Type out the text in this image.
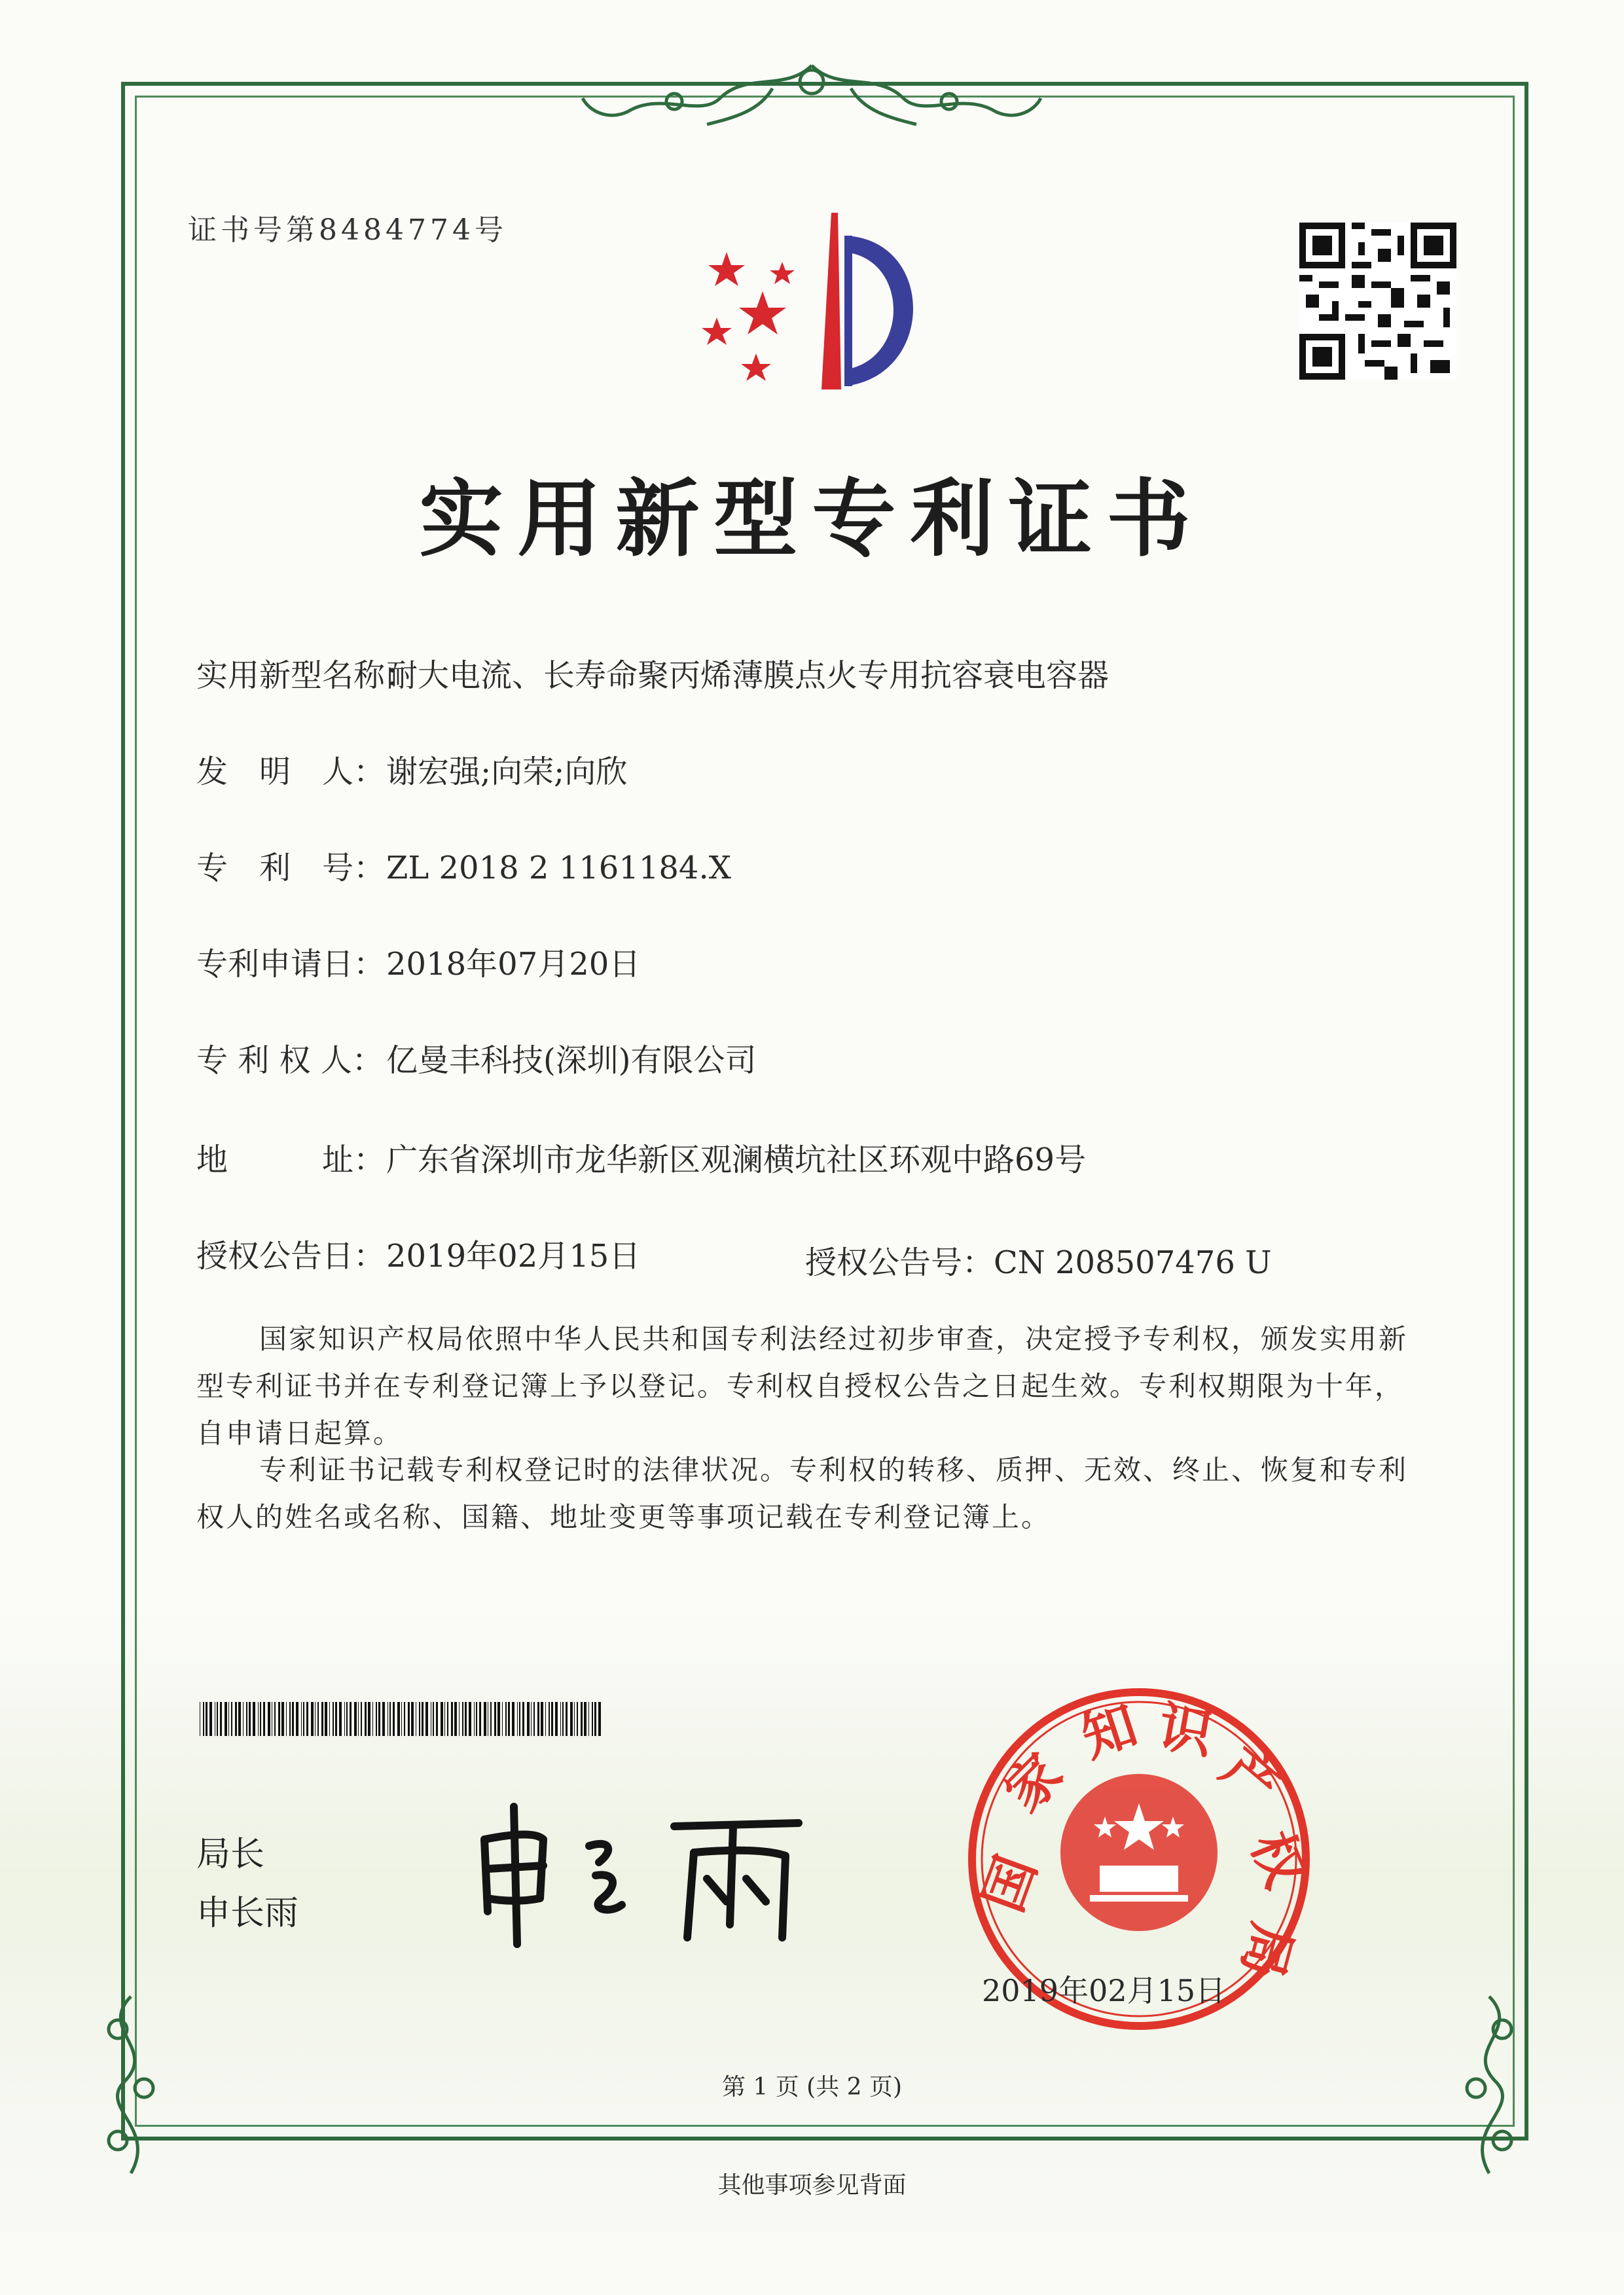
证书号第8484774号
实用新型专利证书
实用新型名称：耐大电流、长寿命聚丙烯薄膜点火专用抗容衰电容器
发　明　人：谢宏强;向荣;向欣
专　利　号：ZL 2018 2 1161184.X
专利申请日：2018年07月20日
专 利 权 人：亿曼丰科技(深圳)有限公司
地　　　址：广东省深圳市龙华新区观澜横坑社区环观中路69号
授权公告日：2019年02月15日	授权公告号：CN 208507476 U
国家知识产权局依照中华人民共和国专利法经过初步审查，决定授予专利权，颁发实用新型专利证书并在专利登记簿上予以登记。专利权自授权公告之日起生效。专利权期限为十年，自申请日起算。
专利证书记载专利权登记时的法律状况。专利权的转移、质押、无效、终止、恢复和专利权人的姓名或名称、国籍、地址变更等事项记载在专利登记簿上。
局长
申长雨	国
家
知 识
产
权
局
2019年02月15日
第 1 页 (共 2 页)
其他事项参见背面
